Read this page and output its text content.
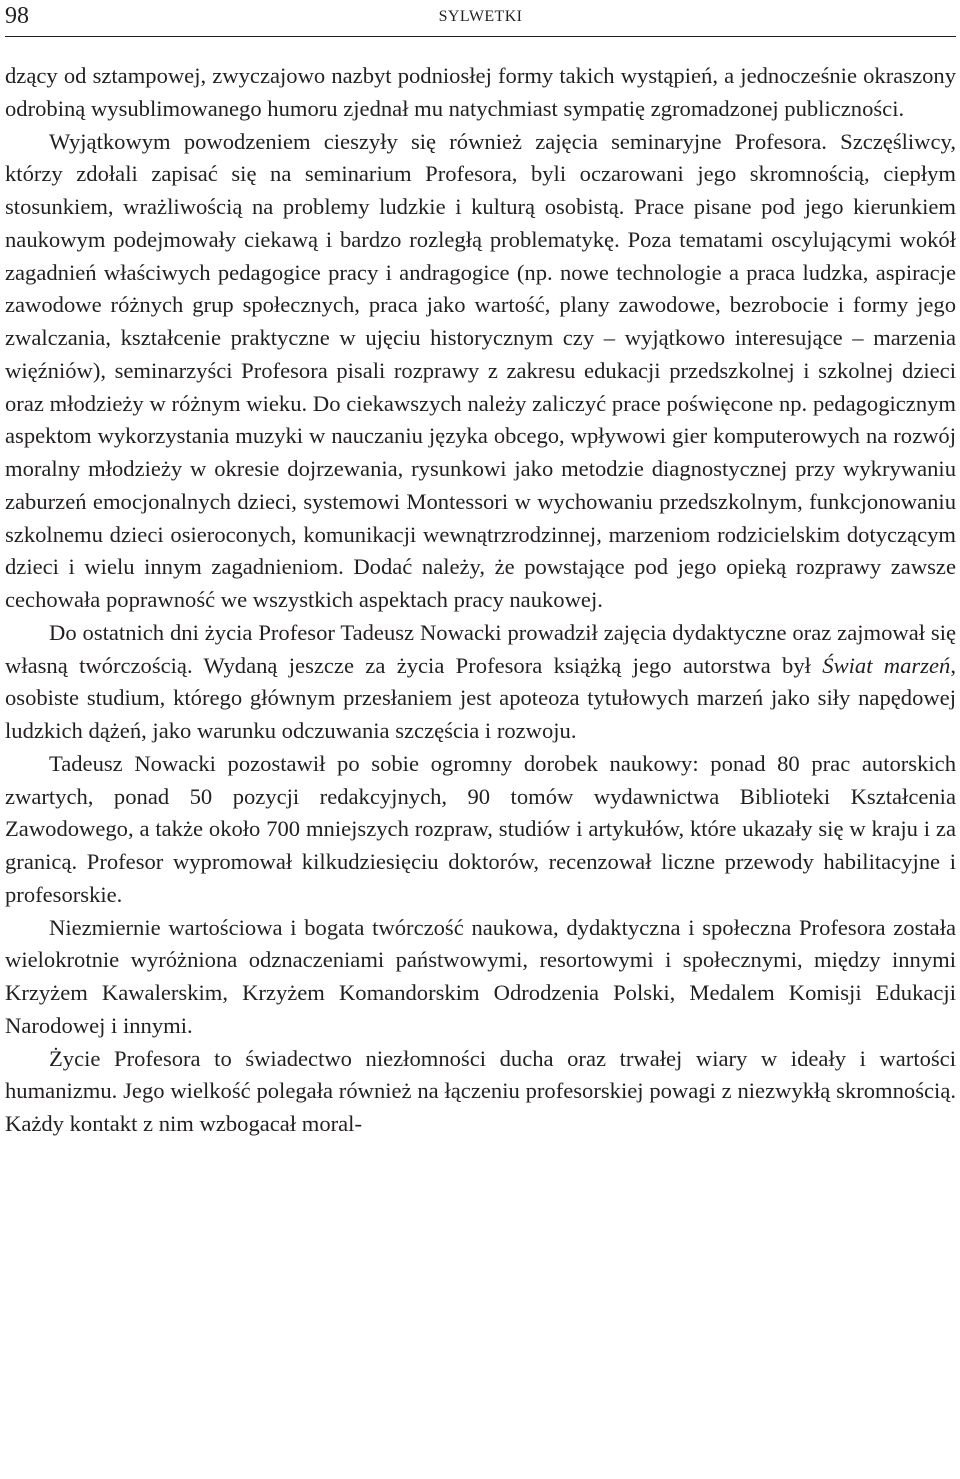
98	SYLWETKI

dzący od sztampowej, zwyczajowo nazbyt podniosłej formy takich wystąpień, a jednocześnie okraszony odrobiną wysublimowanego humoru zjednał mu natychmiast sympatię zgromadzonej publiczności.

Wyjątkowym powodzeniem cieszyły się również zajęcia seminaryjne Profesora. Szczęśliwcy, którzy zdołali zapisać się na seminarium Profesora, byli oczarowani jego skromnością, ciepłym stosunkiem, wrażliwością na problemy ludzkie i kulturą osobistą. Prace pisane pod jego kierunkiem naukowym podejmowały ciekawą i bardzo rozległą problematykę. Poza tematami oscylującymi wokół zagadnień właściwych pedagogice pracy i andragogice (np. nowe technologie a praca ludzka, aspiracje zawodowe różnych grup społecznych, praca jako wartość, plany zawodowe, bezrobocie i formy jego zwalczania, kształcenie praktyczne w ujęciu historycznym czy – wyjątkowo interesujące – marzenia więźniów), seminarzyści Profesora pisali rozprawy z zakresu edukacji przedszkolnej i szkolnej dzieci oraz młodzieży w różnym wieku. Do ciekawszych należy zaliczyć prace poświęcone np. pedagogicznym aspektom wykorzystania muzyki w nauczaniu języka obcego, wpływowi gier komputerowych na rozwój moralny młodzieży w okresie dojrzewania, rysunkowi jako metodzie diagnostycznej przy wykrywaniu zaburzeń emocjonalnych dzieci, systemowi Montessori w wychowaniu przedszkolnym, funkcjonowaniu szkolnemu dzieci osieroconych, komunikacji wewnątrzrodzinnej, marzeniom rodzicielskim dotyczącym dzieci i wielu innym zagadnieniom. Dodać należy, że powstające pod jego opieką rozprawy zawsze cechowała poprawność we wszystkich aspektach pracy naukowej.

Do ostatnich dni życia Profesor Tadeusz Nowacki prowadził zajęcia dydaktyczne oraz zajmował się własną twórczością. Wydaną jeszcze za życia Profesora książką jego autorstwa był Świat marzeń, osobiste studium, którego głównym przesłaniem jest apoteoza tytułowych marzeń jako siły napędowej ludzkich dążeń, jako warunku odczuwania szczęścia i rozwoju.

Tadeusz Nowacki pozostawił po sobie ogromny dorobek naukowy: ponad 80 prac autorskich zwartych, ponad 50 pozycji redakcyjnych, 90 tomów wydawnictwa Biblioteki Kształcenia Zawodowego, a także około 700 mniejszych rozpraw, studiów i artykułów, które ukazały się w kraju i za granicą. Profesor wypromował kilkudziesięciu doktorów, recenzował liczne przewody habilitacyjne i profesorskie.

Niezmiernie wartościowa i bogata twórczość naukowa, dydaktyczna i społeczna Profesora została wielokrotnie wyróżniona odznaczeniami państwowymi, resortowymi i społecznymi, między innymi Krzyżem Kawalerskim, Krzyżem Komandorskim Odrodzenia Polski, Medalem Komisji Edukacji Narodowej i innymi.

Życie Profesora to świadectwo niezłomności ducha oraz trwałej wiary w ideały i wartości humanizmu. Jego wielkość polegała również na łączeniu profesorskiej powagi z niezwykłą skromnością. Każdy kontakt z nim wzbogacał moral-
